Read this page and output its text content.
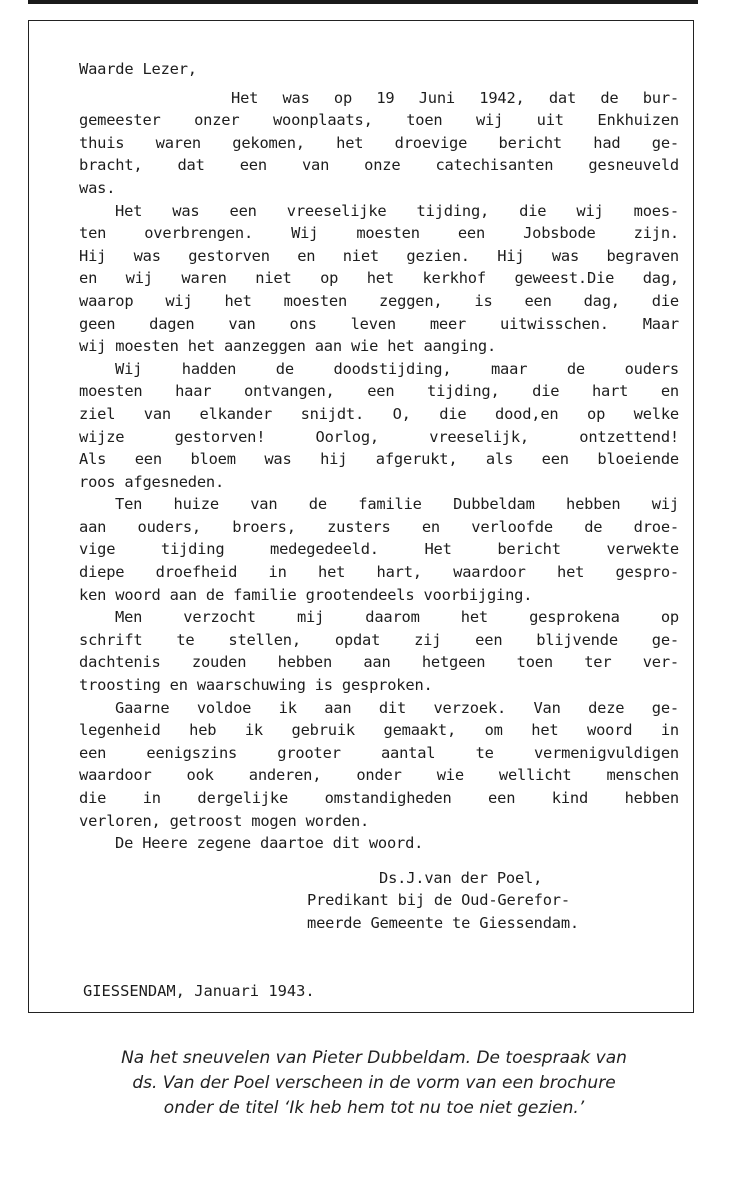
Waarde Lezer,
Het was op 19 Juni 1942, dat de bur-
gemeester onzer woonplaats, toen wij uit Enkhuizen
thuis waren gekomen, het droevige bericht had ge-
bracht, dat een van onze catechisanten gesneuveld
was.
Het was een vreeselijke tijding, die wij moes-
ten overbrengen. Wij moesten een Jobsbode zijn.
Hij was gestorven en niet gezien. Hij was begraven
en wij waren niet op het kerkhof geweest.Die dag,
waarop wij het moesten zeggen, is een dag, die
geen dagen van ons leven meer uitwisschen. Maar
wij moesten het aanzeggen aan wie het aanging.
Wij hadden de doodstijding, maar de ouders
moesten haar ontvangen, een tijding, die hart en
ziel van elkander snijdt. O, die dood,en op welke
wijze gestorven! Oorlog, vreeselijk, ontzettend!
Als een bloem was hij afgerukt, als een bloeiende
roos afgesneden.
Ten huize van de familie Dubbeldam hebben wij
aan ouders, broers, zusters en verloofde de droe-
vige tijding medegedeeld. Het bericht verwekte
diepe droefheid in het hart, waardoor het gespro-
ken woord aan de familie grootendeels voorbijging.
Men verzocht mij daarom het gesprokena op
schrift te stellen, opdat zij een blijvende ge-
dachtenis zouden hebben aan hetgeen toen ter ver-
troosting en waarschuwing is gesproken.
Gaarne voldoe ik aan dit verzoek. Van deze ge-
legenheid heb ik gebruik gemaakt, om het woord in
een eenigszins grooter aantal te vermenigvuldigen
waardoor ook anderen, onder wie wellicht menschen
die in dergelijke omstandigheden een kind hebben
verloren, getroost mogen worden.
De Heere zegene daartoe dit woord.
Ds.J.van der Poel,
Predikant bij de Oud-Gerefor-
meerde Gemeente te Giessendam.
GIESSENDAM, Januari 1943.
Na het sneuvelen van Pieter Dubbeldam. De toespraak van
ds. Van der Poel verscheen in de vorm van een brochure
onder de titel ‘Ik heb hem tot nu toe niet gezien.’
